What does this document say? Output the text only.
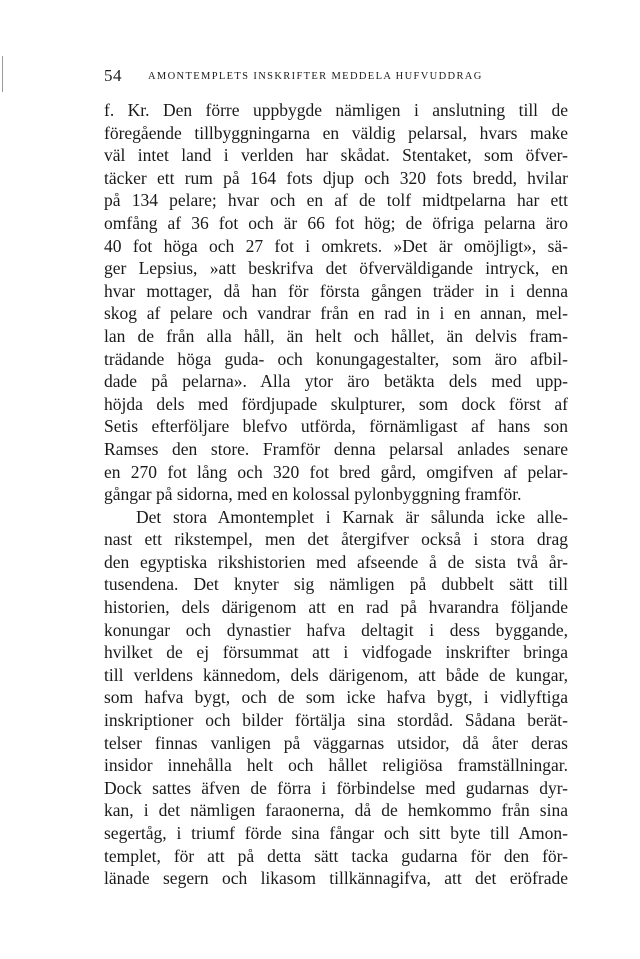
54 AMONTEMPLETS INSKRIFTER MEDDELA HUFVUDDRAG
f. Kr. Den förre uppbygde nämligen i anslutning till de
föregående tillbyggningarna en väldig pelarsal, hvars make
väl intet land i verlden har skådat. Stentaket, som öfver-
täcker ett rum på 164 fots djup och 320 fots bredd, hvilar
på 134 pelare; hvar och en af de tolf midtpelarna har ett
omfång af 36 fot och är 66 fot hög; de öfriga pelarna äro
40 fot höga och 27 fot i omkrets. »Det är omöjligt», sä-
ger Lepsius, »att beskrifva det öfverväldigande intryck, en
hvar mottager, då han för första gången träder in i denna
skog af pelare och vandrar från en rad in i en annan, mel-
lan de från alla håll, än helt och hållet, än delvis fram-
trädande höga guda- och konungagestalter, som äro afbil-
dade på pelarna». Alla ytor äro betäkta dels med upp-
höjda dels med fördjupade skulpturer, som dock först af
Setis efterföljare blefvo utförda, förnämligast af hans son
Ramses den store. Framför denna pelarsal anlades senare
en 270 fot lång och 320 fot bred gård, omgifven af pelar-
gångar på sidorna, med en kolossal pylonbyggning framför.
Det stora Amontemplet i Karnak är sålunda icke alle-
nast ett rikstempel, men det återgifver också i stora drag
den egyptiska rikshistorien med afseende å de sista två år-
tusendena. Det knyter sig nämligen på dubbelt sätt till
historien, dels därigenom att en rad på hvarandra följande
konungar och dynastier hafva deltagit i dess byggande,
hvilket de ej försummat att i vidfogade inskrifter bringa
till verldens kännedom, dels därigenom, att både de kungar,
som hafva bygt, och de som icke hafva bygt, i vidlyftiga
inskriptioner och bilder förtälja sina stordåd. Sådana berät-
telser finnas vanligen på väggarnas utsidor, då åter deras
insidor innehålla helt och hållet religiösa framställningar.
Dock sattes äfven de förra i förbindelse med gudarnas dyr-
kan, i det nämligen faraonerna, då de hemkommo från sina
segertåg, i triumf förde sina fångar och sitt byte till Amon-
templet, för att på detta sätt tacka gudarna för den för-
länade segern och likasom tillkännagifva, att det eröfrade
